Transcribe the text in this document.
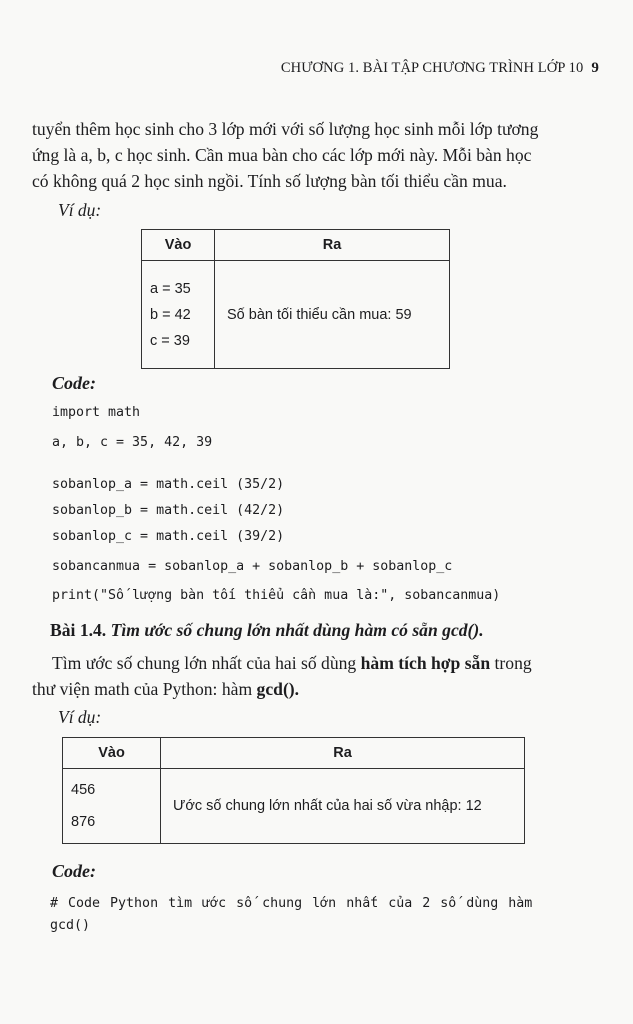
CHƯƠNG 1. BÀI TẬP CHƯƠNG TRÌNH LỚP 10 9
tuyển thêm học sinh cho 3 lớp mới với số lượng học sinh mỗi lớp tương
ứng là a, b, c học sinh. Cần mua bàn cho các lớp mới này. Mỗi bàn học
có không quá 2 học sinh ngồi. Tính số lượng bàn tối thiểu cần mua.
Ví dụ:
Vào	Ra

a = 35
b = 42
c = 39	Số bàn tối thiểu cần mua: 59
Code:
import math
a, b, c = 35, 42, 39
sobanlop_a = math.ceil (35/2)
sobanlop_b = math.ceil (42/2)
sobanlop_c = math.ceil (39/2)
sobancanmua = sobanlop_a + sobanlop_b + sobanlop_c
print("Số lượng bàn tối thiểu cần mua là:", sobancanmua)
Bài 1.4. Tìm ước số chung lớn nhất dùng hàm có sẵn gcd().
Tìm ước số chung lớn nhất của hai số dùng hàm tích hợp sẵn trong
thư viện math của Python: hàm gcd().
Ví dụ:
Vào	Ra

456
876	Ước số chung lớn nhất của hai số vừa nhập: 12
Code:
# Code Python tìm ước số chung lớn nhất của 2 số dùng hàm
gcd()
